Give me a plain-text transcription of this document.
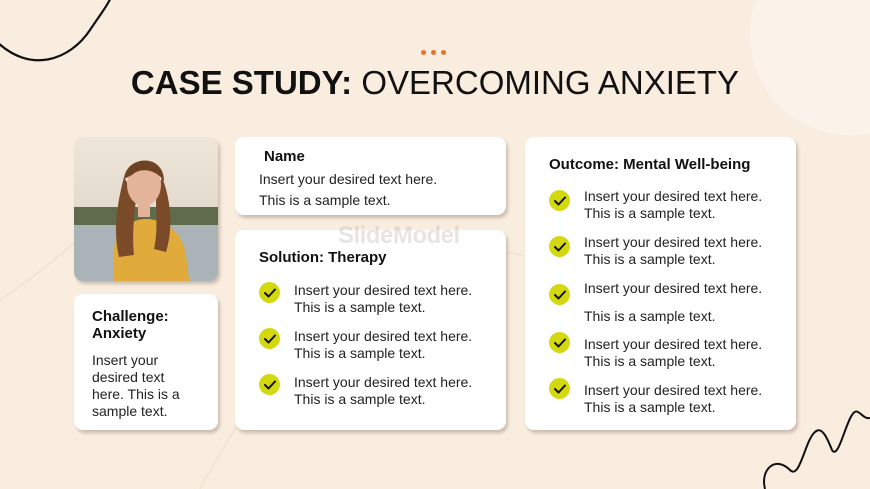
CASE STUDY: OVERCOMING ANXIETY
Challenge:
Anxiety

Insert your desired text here. This is a sample text.

Name

Insert your desired text here.

This is a sample text.

Solution: Therapy
Insert your desired text here.
This is a sample text.
Insert your desired text here.
This is a sample text.
Insert your desired text here.
This is a sample text.
Outcome: Mental Well-being
Insert your desired text here.
This is a sample text.
Insert your desired text here.
This is a sample text.
Insert your desired text here.
This is a sample text.
Insert your desired text here.
This is a sample text.
Insert your desired text here.
This is a sample text.
SlideModel
